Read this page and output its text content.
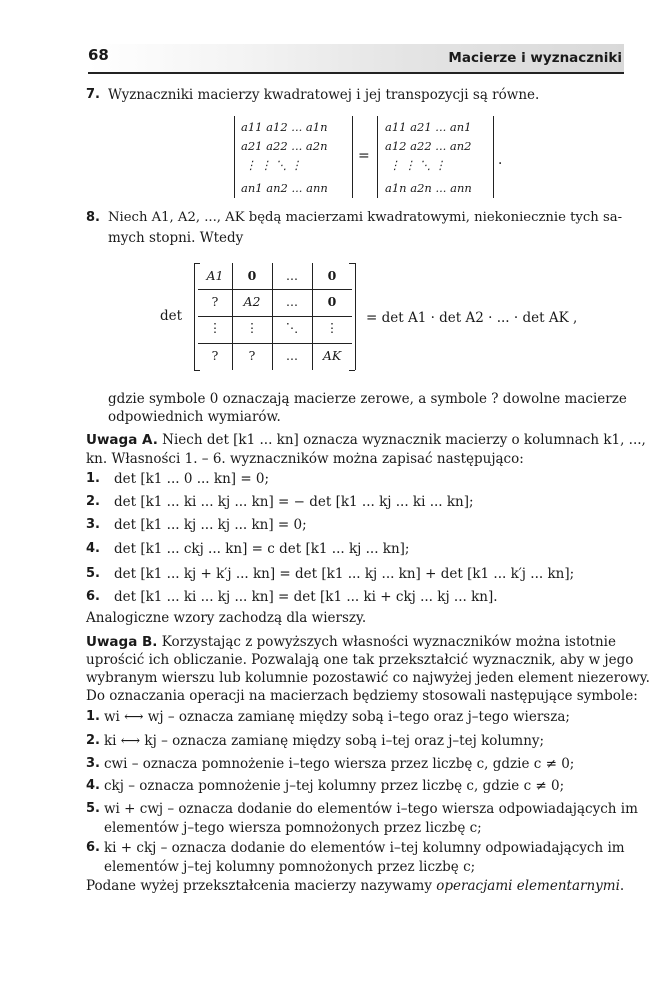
68	Macierze i wyznaczniki
7. Wyznaczniki macierzy kwadratowej i jej transpozycji są równe.
a11 a12 ... a1n
a21 a22 ... a2n
⋮ ⋮ ⋱ ⋮
an1 an2 ... ann
=
a11 a21 ... an1
a12 a22 ... an2
⋮ ⋮ ⋱ ⋮
a1n a2n ... ann
.
8. Niech A1, A2, ..., AK będą macierzami kwadratowymi, niekoniecznie tych sa-
mych stopni. Wtedy
det
A1	0	...	0
?	A2	...	0
⋮	⋮	⋱	⋮
?	?	...	AK
= det A1 · det A2 · ... · det AK ,
gdzie symbole 0 oznaczają macierze zerowe, a symbole ? dowolne macierze
odpowiednich wymiarów.
Uwaga A. Niech det [k1 ... kn] oznacza wyznacznik macierzy o kolumnach k1, ...,
kn. Własności 1. – 6. wyznaczników można zapisać następująco:
1. det [k1 ... 0 ... kn] = 0;
2. det [k1 ... ki ... kj ... kn] = − det [k1 ... kj ... ki ... kn];
3. det [k1 ... kj ... kj ... kn] = 0;
4. det [k1 ... ckj ... kn] = c det [k1 ... kj ... kn];
5. det [k1 ... kj + k′j ... kn] = det [k1 ... kj ... kn] + det [k1 ... k′j ... kn];
6. det [k1 ... ki ... kj ... kn] = det [k1 ... ki + ckj ... kj ... kn].
Analogiczne wzory zachodzą dla wierszy.
Uwaga B. Korzystając z powyższych własności wyznaczników można istotnie
uprościć ich obliczanie. Pozwalają one tak przekształcić wyznacznik, aby w jego
wybranym wierszu lub kolumnie pozostawić co najwyżej jeden element niezerowy.
Do oznaczania operacji na macierzach będziemy stosowali następujące symbole:
1. wi ⟷ wj – oznacza zamianę między sobą i–tego oraz j–tego wiersza;
2. ki ⟷ kj – oznacza zamianę między sobą i–tej oraz j–tej kolumny;
3. cwi – oznacza pomnożenie i–tego wiersza przez liczbę c, gdzie c ≠ 0;
4. ckj – oznacza pomnożenie j–tej kolumny przez liczbę c, gdzie c ≠ 0;
5. wi + cwj – oznacza dodanie do elementów i–tego wiersza odpowiadających im
elementów j–tego wiersza pomnożonych przez liczbę c;
6. ki + ckj – oznacza dodanie do elementów i–tej kolumny odpowiadających im
elementów j–tej kolumny pomnożonych przez liczbę c;
Podane wyżej przekształcenia macierzy nazywamy operacjami elementarnymi.
